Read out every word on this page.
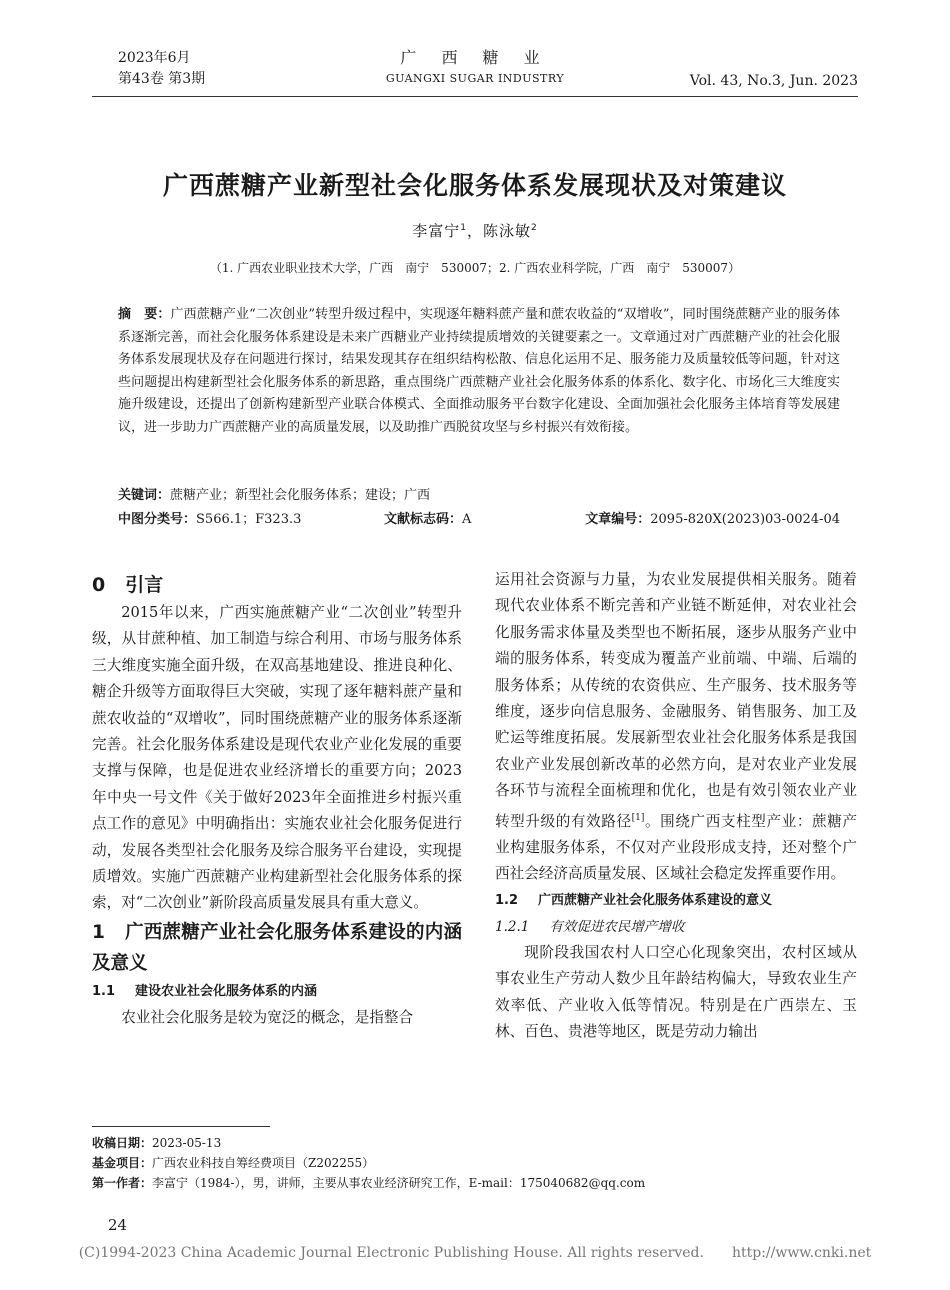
2023年6月
第43卷 第3期
广 西 糖 业
GUANGXI SUGAR INDUSTRY	Vol. 43, No.3, Jun. 2023
广西蔗糖产业新型社会化服务体系发展现状及对策建议
李富宁$^1$，陈泳敏$^2$
（1. 广西农业职业技术大学，广西　南宁　530007；2. 广西农业科学院，广西　南宁　530007）
摘　要：广西蔗糖产业“二次创业”转型升级过程中，实现逐年糖料蔗产量和蔗农收益的“双增收”，同时围绕蔗糖产业的服务体系逐渐完善，而社会化服务体系建设是未来广西糖业产业持续提质增效的关键要素之一。文章通过对广西蔗糖产业的社会化服务体系发展现状及存在问题进行探讨，结果发现其存在组织结构松散、信息化运用不足、服务能力及质量较低等问题，针对这些问题提出构建新型社会化服务体系的新思路，重点围绕广西蔗糖产业社会化服务体系的体系化、数字化、市场化三大维度实施升级建设，还提出了创新构建新型产业联合体模式、全面推动服务平台数字化建设、全面加强社会化服务主体培育等发展建议，进一步助力广西蔗糖产业的高质量发展，以及助推广西脱贫攻坚与乡村振兴有效衔接。
关键词：蔗糖产业；新型社会化服务体系；建设；广西
中图分类号：S566.1；F323.3	文献标志码：A	文章编号：2095-820X(2023)03-0024-04

0 引言

2015年以来，广西实施蔗糖产业“二次创业”转型升级，从甘蔗种植、加工制造与综合利用、市场与服务体系三大维度实施全面升级，在双高基地建设、推进良种化、糖企升级等方面取得巨大突破，实现了逐年糖料蔗产量和蔗农收益的“双增收”，同时围绕蔗糖产业的服务体系逐渐完善。社会化服务体系建设是现代农业产业化发展的重要支撑与保障，也是促进农业经济增长的重要方向；2023年中央一号文件《关于做好2023年全面推进乡村振兴重点工作的意见》中明确指出：实施农业社会化服务促进行动，发展各类型社会化服务及综合服务平台建设，实现提质增效。实施广西蔗糖产业构建新型社会化服务体系的探索，对“二次创业”新阶段高质量发展具有重大意义。

1 广西蔗糖产业社会化服务体系建设的内涵及意义

1.1 建设农业社会化服务体系的内涵

农业社会化服务是较为宽泛的概念，是指整合

运用社会资源与力量，为农业发展提供相关服务。随着现代农业体系不断完善和产业链不断延伸，对农业社会化服务需求体量及类型也不断拓展，逐步从服务产业中端的服务体系，转变成为覆盖产业前端、中端、后端的服务体系；从传统的农资供应、生产服务、技术服务等维度，逐步向信息服务、金融服务、销售服务、加工及贮运等维度拓展。发展新型农业社会化服务体系是我国农业产业发展创新改革的必然方向，是对农业产业发展各环节与流程全面梳理和优化，也是有效引领农业产业转型升级的有效路径[1]。围绕广西支柱型产业：蔗糖产业构建服务体系，不仅对产业段形成支持，还对整个广西社会经济高质量发展、区域社会稳定发挥重要作用。

1.2 广西蔗糖产业社会化服务体系建设的意义

1.2.1 有效促进农民增产增收

现阶段我国农村人口空心化现象突出，农村区域从事农业生产劳动人数少且年龄结构偏大，导致农业生产效率低、产业收入低等情况。特别是在广西崇左、玉林、百色、贵港等地区，既是劳动力输出

收稿日期：2023-05-13
基金项目：广西农业科技自筹经费项目（Z202255）
第一作者：李富宁（1984-），男，讲师，主要从事农业经济研究工作，E-mail：175040682@qq.com
24
(C)1994-2023 China Academic Journal Electronic Publishing House. All rights reserved.　　http://www.cnki.net
